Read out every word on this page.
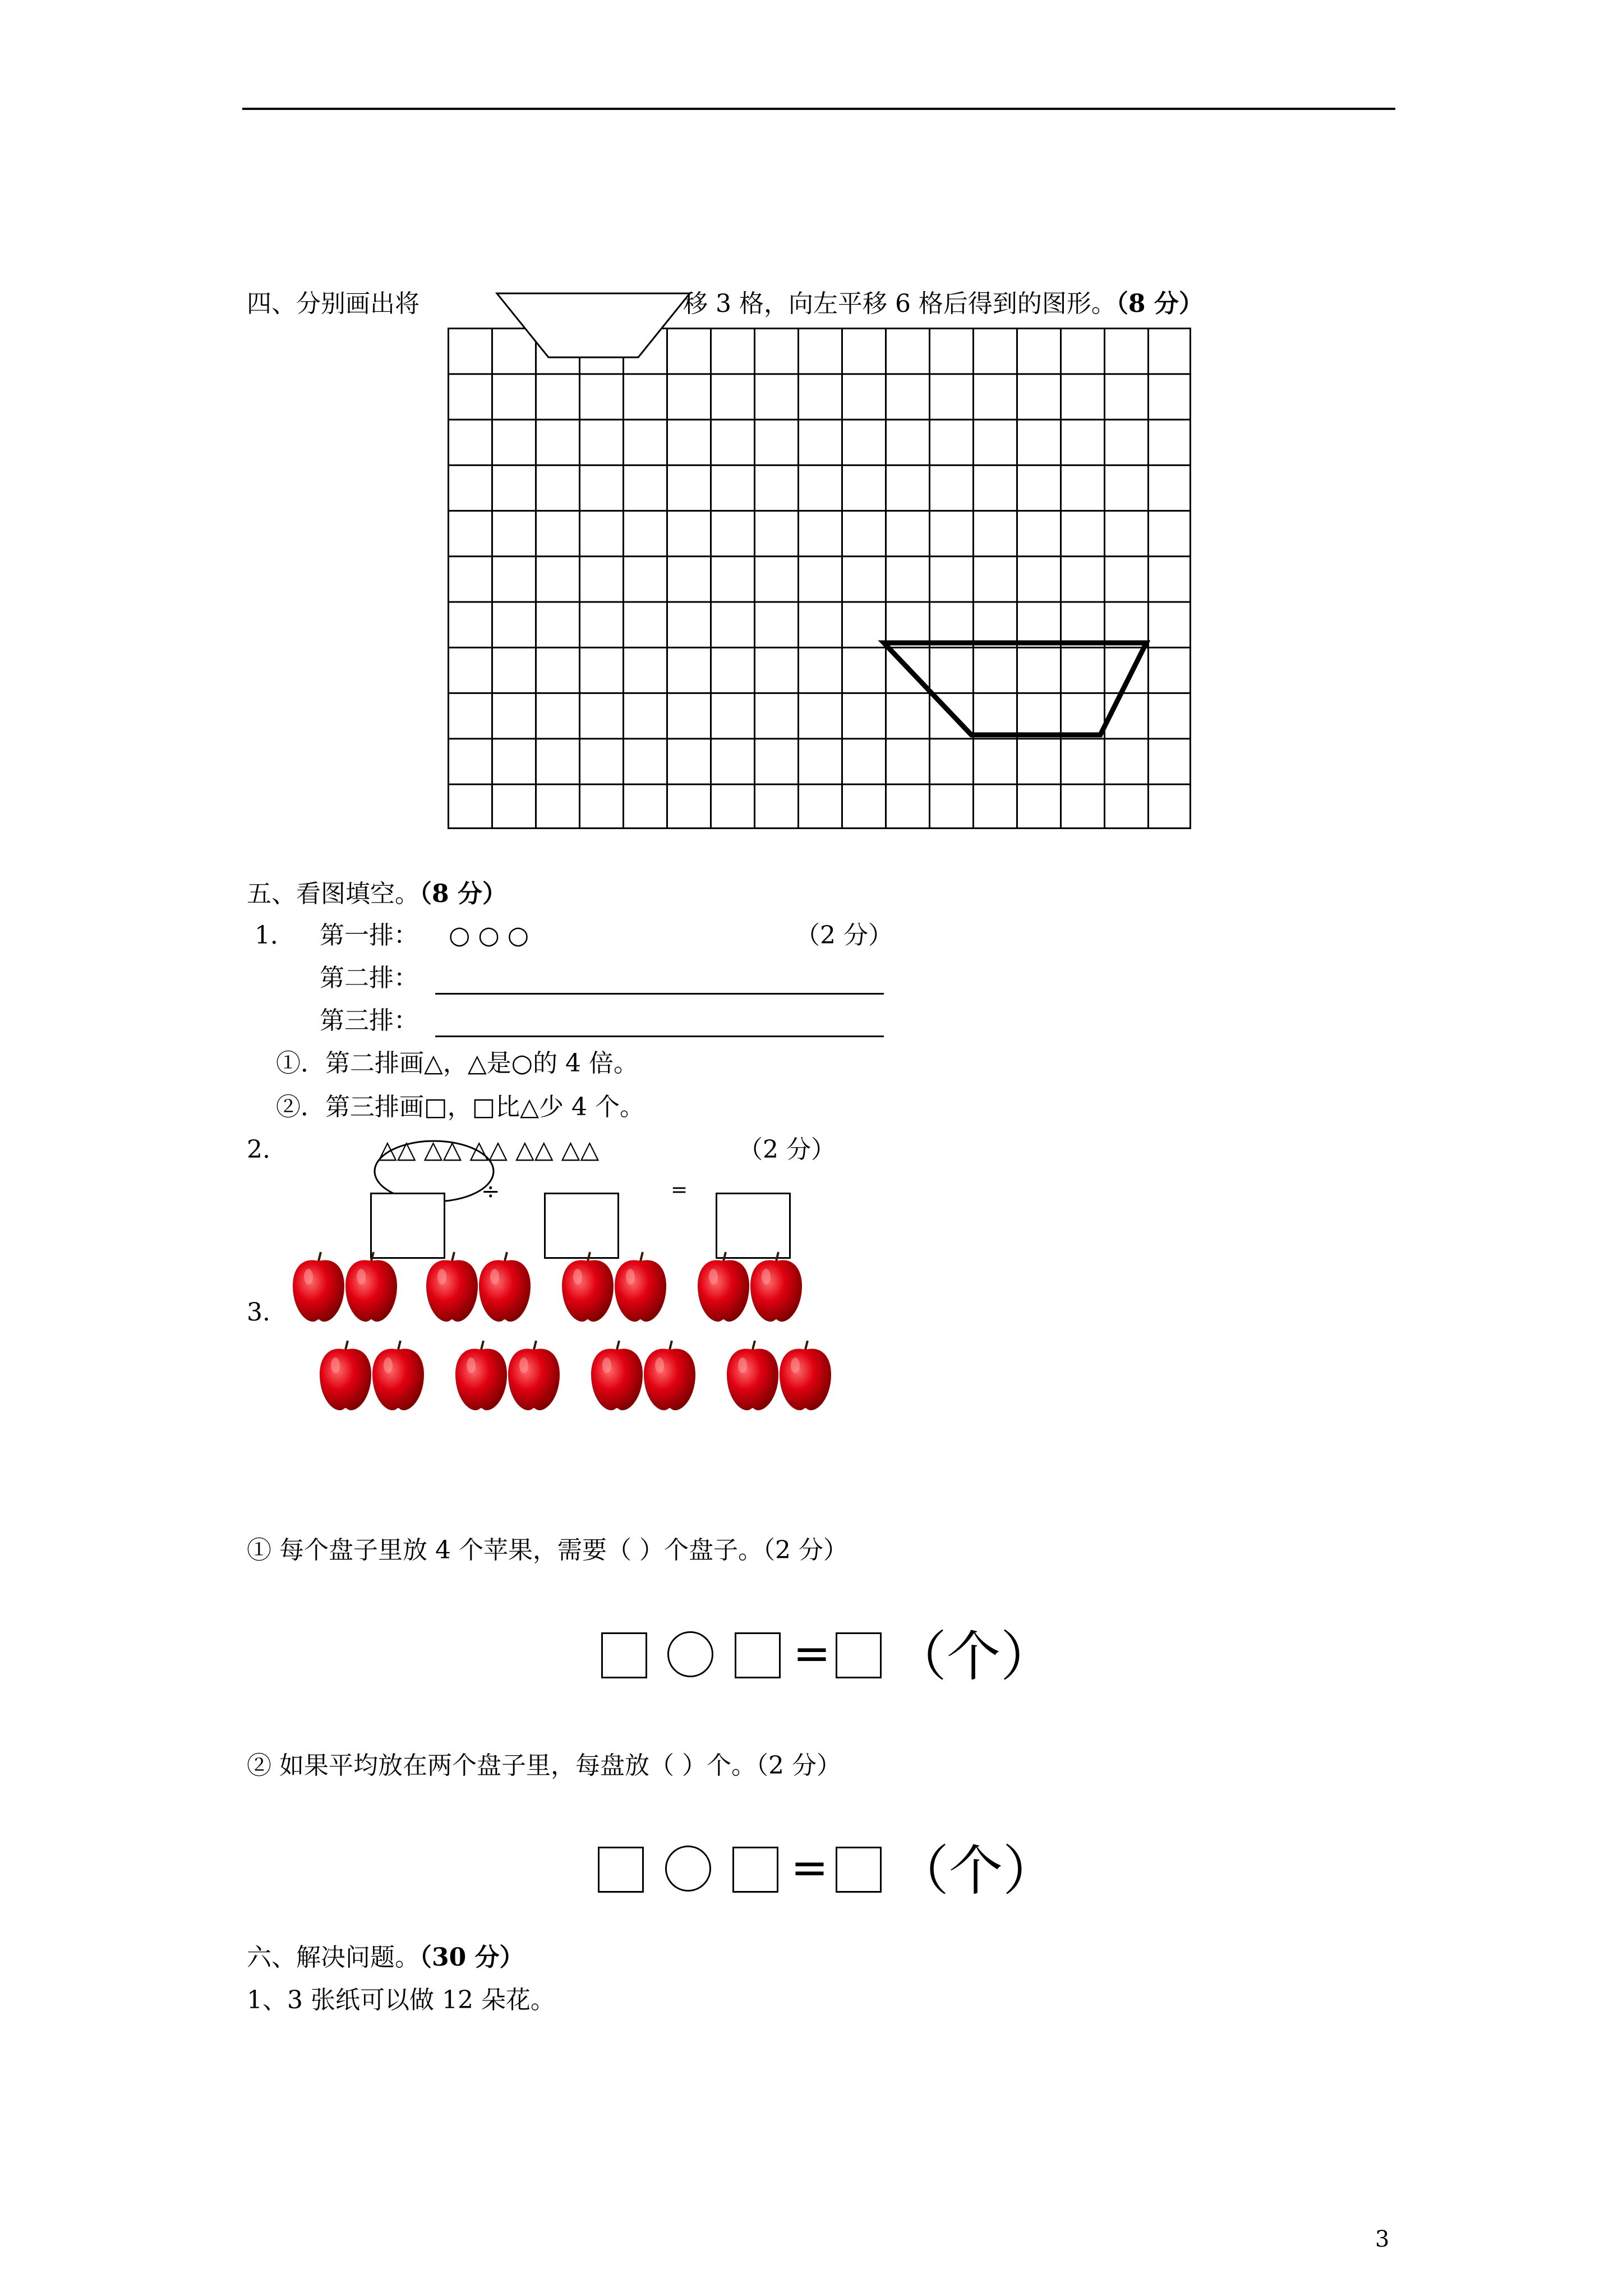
四、分别画出将	移 3 格，向左平移 6 格后得到的图形。（8 分）
五、看图填空。（8 分）
1． 第一排： ○ ○ ○	（2 分）
第二排：
第三排：
①．第二排画△，△是○的 4 倍。
②．第三排画□，□比△少 4 个。
2.	△△ △△ △△ △△ △△	（2 分）
÷	=
3.
① 每个盘子里放 4 个苹果，需要（ ）个盘子。（2 分）
= （个）
② 如果平均放在两个盘子里，每盘放（ ）个。（2 分）
= （个）
六、解决问题。（30 分）
1、3 张纸可以做 12 朵花。
3
